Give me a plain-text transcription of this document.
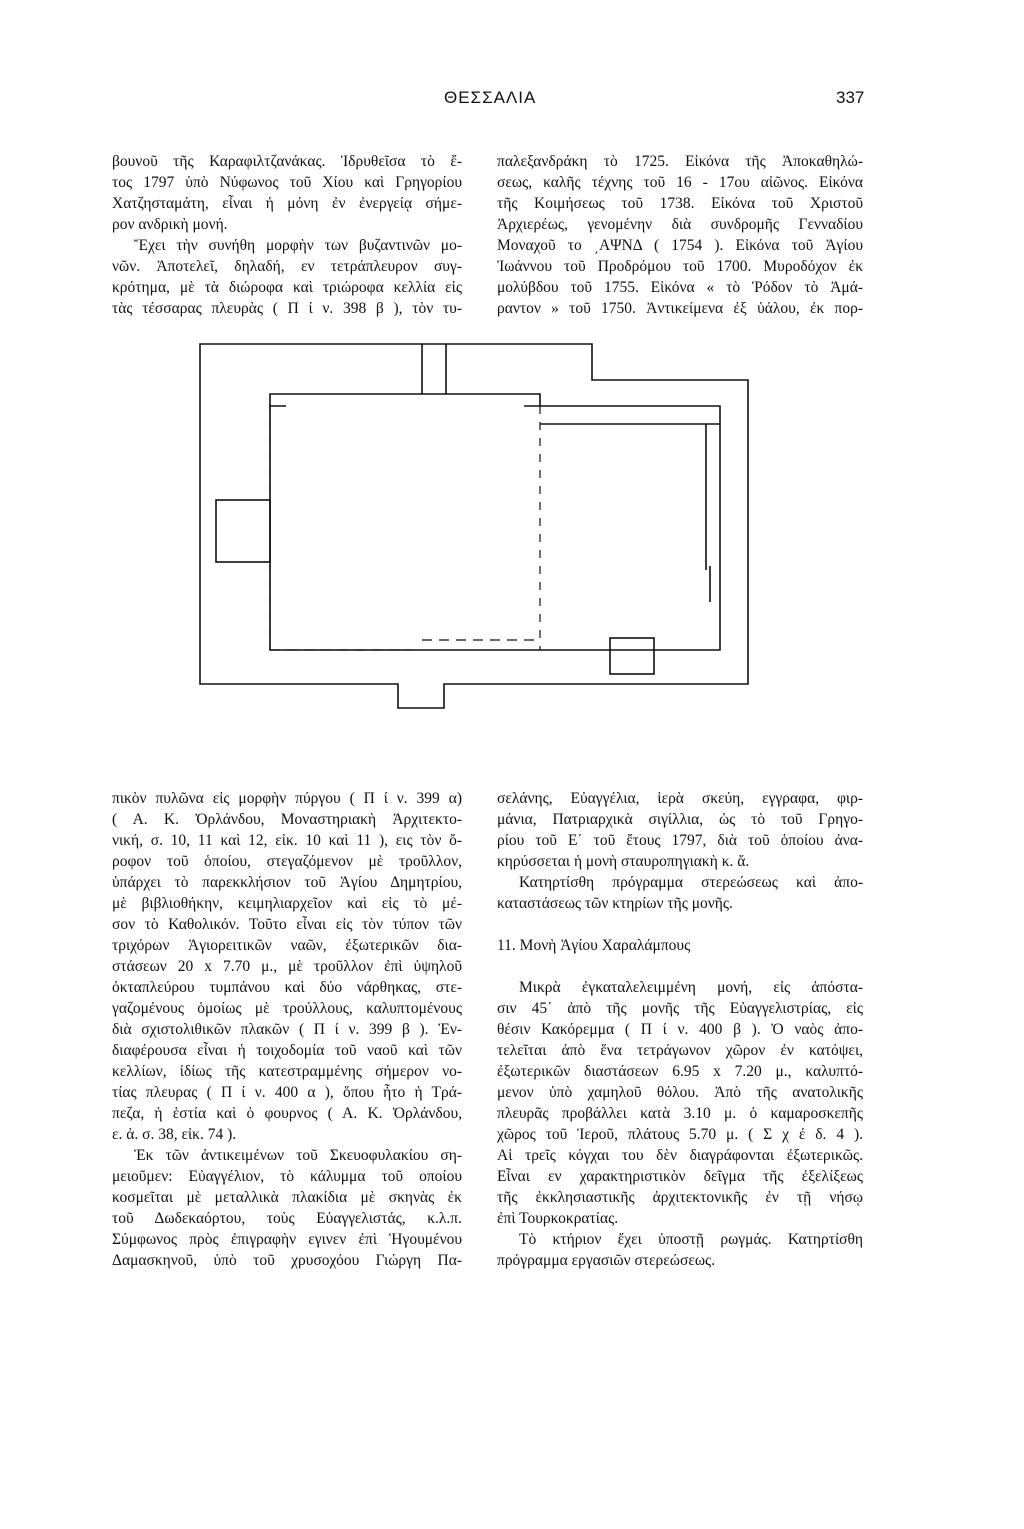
ΘΕΣΣΑΛΙΑ	337
βουνοῦ τῆς Καραφιλτζανάκας. Ἱδρυθεῖσα τὸ ἔ-
τος 1797 ὑπὸ Νύφωνος τοῦ Χίου καὶ Γρηγορίου
Χατζησταμάτη, εἶναι ἡ μόνη ἐν ἐνεργείᾳ σήμε-
ρον ανδρικὴ μονή.
Ἔχει τὴν συνήθη μορφὴν των βυζαντινῶν μο-
νῶν. Ἀποτελεῖ, δηλαδή, εν τετράπλευρον συγ-
κρότημα, μὲ τὰ διώροφα καὶ τριώροφα κελλία εἰς
τὰς τέσσαρας πλευρὰς ( Π ί ν. 398 β ), τὸν τυ-
παλεξανδράκη τὸ 1725. Εἰκόνα τῆς Ἀποκαθηλώ-
σεως, καλῆς τέχνης τοῦ 16 - 17ου αἰῶνος. Εἰκόνα
τῆς Κοιμήσεως τοῦ 1738. Εἰκόνα τοῦ Χριστοῦ
Ἀρχιερέως, γενομένην διὰ συνδρομῆς Γενναδίου
Μοναχοῦ το ͵ΑΨΝΔ ( 1754 ). Εἰκόνα τοῦ Ἁγίου
Ἰωάννου τοῦ Προδρόμου τοῦ 1700. Μυροδόχον ἐκ
μολύβδου τοῦ 1755. Εἰκόνα « τὸ Ῥόδον τὸ Ἀμά-
ραντον » τοῦ 1750. Ἀντικείμενα ἐξ ὑάλου, ἐκ πορ-
πικὸν πυλῶνα εἰς μορφὴν πύργου ( Π ί ν. 399 α)
( Α. Κ. Ὀρλάνδου, Μοναστηριακὴ Ἀρχιτεκτο-
νική, σ. 10, 11 καὶ 12, εἰκ. 10 καὶ 11 ), εις τὸν ὄ-
ροφον τοῦ ὁποίου, στεγαζόμενον μὲ τροῦλλον,
ὑπάρχει τὸ παρεκκλήσιον τοῦ Ἁγίου Δημητρίου,
μὲ βιβλιοθήκην, κειμηλιαρχεῖον καὶ εἰς τὸ μέ-
σον τὸ Καθολικόν. Τοῦτο εἶναι εἰς τὸν τύπον τῶν
τριχόρων Ἁγιορειτικῶν ναῶν, ἐξωτερικῶν δια-
στάσεων 20 x 7.70 μ., μὲ τροῦλλον ἐπὶ ὑψηλοῦ
ὀκταπλεύρου τυμπάνου καὶ δύο νάρθηκας, στε-
γαζομένους ὁμοίως μὲ τρούλλους, καλυπτομένους
διὰ σχιστολιθικῶν πλακῶν ( Π ί ν. 399 β ). Ἐν-
διαφέρουσα εἶναι ἡ τοιχοδομία τοῦ ναοῦ καὶ τῶν
κελλίων, ἰδίως τῆς κατεστραμμένης σήμερον νο-
τίας πλευρας ( Π ί ν. 400 α ), ὅπου ἦτο ἡ Τρά-
πεζα, ἡ ἑστία καὶ ὁ φουρνος ( Α. Κ. Ὀρλάνδου,
ε. ἀ. σ. 38, εἰκ. 74 ).
Ἐκ τῶν ἀντικειμένων τοῦ Σκευοφυλακίου ση-
μειοῦμεν: Εὐαγγέλιον, τὸ κάλυμμα τοῦ οποίου
κοσμεῖται μὲ μεταλλικὰ πλακίδια μὲ σκηνὰς ἐκ
τοῦ Δωδεκαόρτου, τοὺς Εὐαγγελιστάς, κ.λ.π.
Σύμφωνος πρὸς ἐπιγραφὴν εγινεν ἐπὶ Ἡγουμένου
Δαμασκηνοῦ, ὑπὸ τοῦ χρυσοχόου Γιώργη Πα-
σελάνης, Εὐαγγέλια, ἱερὰ σκεύη, εγγραφα, φιρ-
μάνια, Πατριαρχικὰ σιγίλλια, ὡς τὸ τοῦ Γρηγο-
ρίου τοῦ Ε΄ τοῦ ἔτους 1797, διὰ τοῦ ὁποίου ἀνα-
κηρύσσεται ἡ μονὴ σταυροπηγιακὴ κ. ἄ.
Κατηρτίσθη πρόγραμμα στερεώσεως καὶ ἀπο-
καταστάσεως τῶν κτηρίων τῆς μονῆς.
11. Μονὴ Ἁγίου Χαραλάμπους
Μικρὰ ἐγκαταλελειμμένη μονή, εἰς ἀπόστα-
σιν 45΄ ἀπὸ τῆς μονῆς τῆς Εὐαγγελιστρίας, εἰς
θέσιν Κακόρεμμα ( Π ί ν. 400 β ). Ὁ ναὸς ἀπο-
τελεῖται ἀπὸ ἕνα τετράγωνον χῶρον ἐν κατόψει,
ἐξωτερικῶν διαστάσεων 6.95 x 7.20 μ., καλυπτό-
μενον ὑπὸ χαμηλοῦ θόλου. Ἀπὸ τῆς ανατολικῆς
πλευρᾶς προβάλλει κατὰ 3.10 μ. ὁ καμαροσκεπῆς
χῶρος τοῦ Ἱεροῦ, πλάτους 5.70 μ. ( Σ χ έ δ. 4 ).
Αἱ τρεῖς κόγχαι του δὲν διαγράφονται ἐξωτερικῶς.
Εἶναι εν χαρακτηριστικὸν δεῖγμα τῆς ἐξελίξεως
τῆς ἐκκλησιαστικῆς ἀρχιτεκτονικῆς ἐν τῇ νήσῳ
ἐπὶ Τουρκοκρατίας.
Τὸ κτήριον ἔχει ὑποστῇ ρωγμάς. Κατηρτίσθη
πρόγραμμα εργασιῶν στερεώσεως.
